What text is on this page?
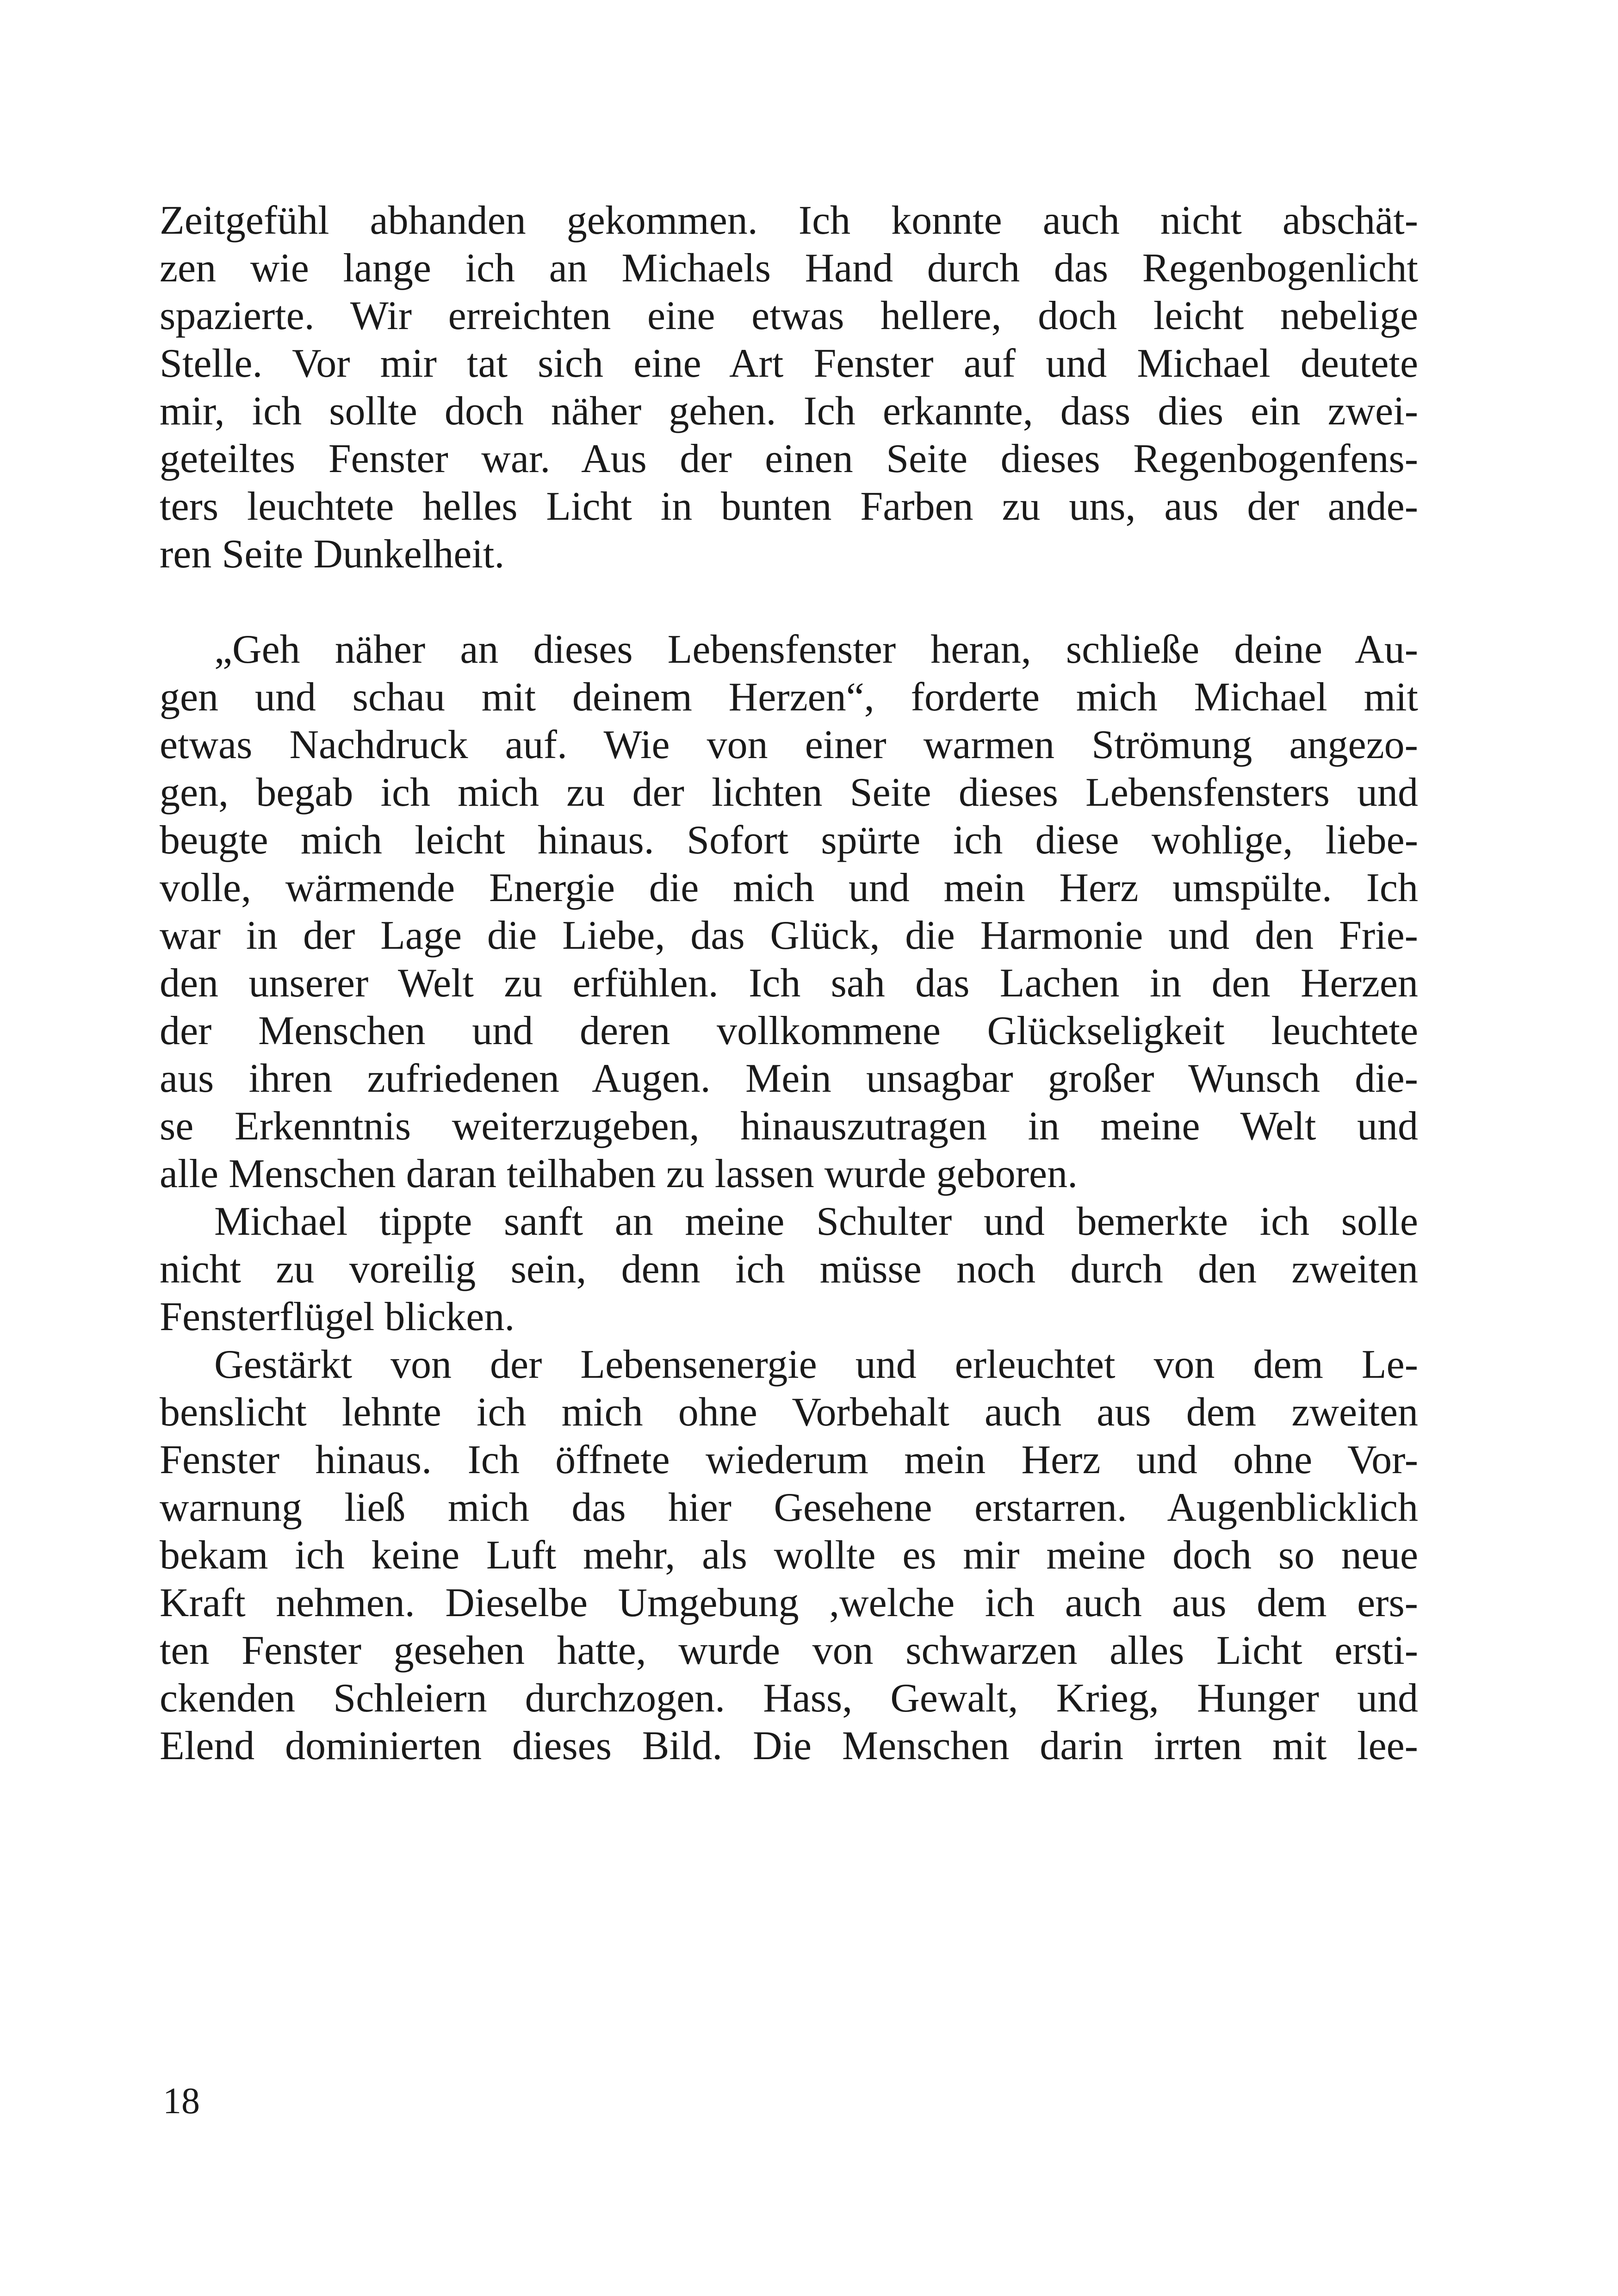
Zeitgefühl abhanden gekommen. Ich konnte auch nicht abschät-
zen wie lange ich an Michaels Hand durch das Regenbogenlicht
spazierte. Wir erreichten eine etwas hellere, doch leicht nebelige
Stelle. Vor mir tat sich eine Art Fenster auf und Michael deutete
mir, ich sollte doch näher gehen. Ich erkannte, dass dies ein zwei-
geteiltes Fenster war. Aus der einen Seite dieses Regenbogenfens-
ters leuchtete helles Licht in bunten Farben zu uns, aus der ande-
ren Seite Dunkelheit.
„Geh näher an dieses Lebensfenster heran, schließe deine Au-
gen und schau mit deinem Herzen“, forderte mich Michael mit
etwas Nachdruck auf. Wie von einer warmen Strömung angezo-
gen, begab ich mich zu der lichten Seite dieses Lebensfensters und
beugte mich leicht hinaus. Sofort spürte ich diese wohlige, liebe-
volle, wärmende Energie die mich und mein Herz umspülte. Ich
war in der Lage die Liebe, das Glück, die Harmonie und den Frie-
den unserer Welt zu erfühlen. Ich sah das Lachen in den Herzen
der Menschen und deren vollkommene Glückseligkeit leuchtete
aus ihren zufriedenen Augen. Mein unsagbar großer Wunsch die-
se Erkenntnis weiterzugeben, hinauszutragen in meine Welt und
alle Menschen daran teilhaben zu lassen wurde geboren.
Michael tippte sanft an meine Schulter und bemerkte ich solle
nicht zu voreilig sein, denn ich müsse noch durch den zweiten
Fensterflügel blicken.
Gestärkt von der Lebensenergie und erleuchtet von dem Le-
benslicht lehnte ich mich ohne Vorbehalt auch aus dem zweiten
Fenster hinaus. Ich öffnete wiederum mein Herz und ohne Vor-
warnung ließ mich das hier Gesehene erstarren. Augenblicklich
bekam ich keine Luft mehr, als wollte es mir meine doch so neue
Kraft nehmen. Dieselbe Umgebung ,welche ich auch aus dem ers-
ten Fenster gesehen hatte, wurde von schwarzen alles Licht ersti-
ckenden Schleiern durchzogen. Hass, Gewalt, Krieg, Hunger und
Elend dominierten dieses Bild. Die Menschen darin irrten mit lee-
18
